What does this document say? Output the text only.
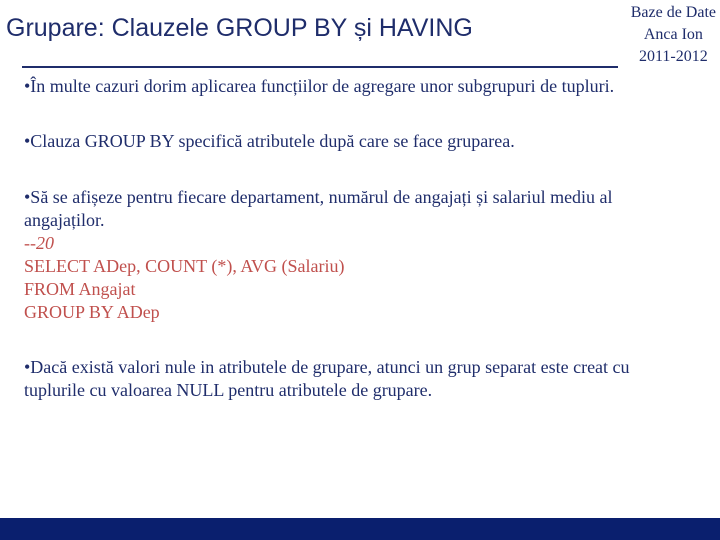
Grupare: Clauzele GROUP BY și HAVING
Baze de Date
Anca Ion
2011-2012

•În multe cazuri dorim aplicarea funcțiilor de agregare unor subgrupuri de tupluri.

•Clauza GROUP BY specifică atributele după care se face gruparea.

•Să se afișeze pentru fiecare departament, numărul de angajați și salariul mediu al angajaților.

--20

SELECT ADep, COUNT (*), AVG (Salariu)

FROM Angajat

GROUP BY ADep

•Dacă există valori nule in atributele de grupare, atunci un grup separat este creat cu tuplurile cu valoarea NULL pentru atributele de grupare.
